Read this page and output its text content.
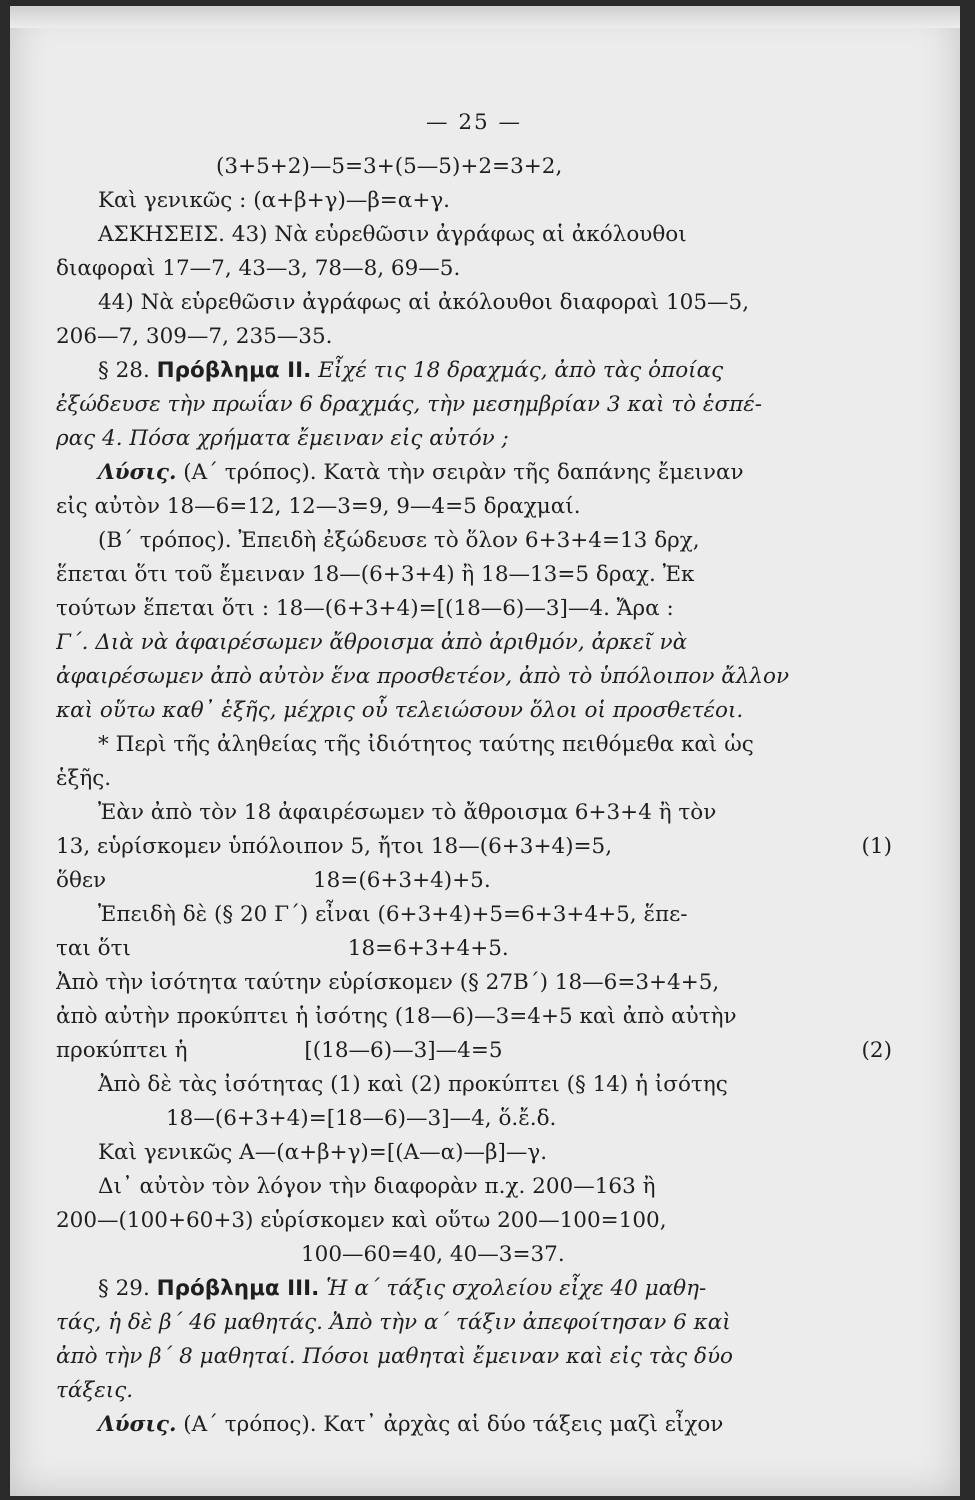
— 25 —
(3+5+2)—5=3+(5—5)+2=3+2,
Καὶ γενικῶς : (α+β+γ)—β=α+γ.
ΑΣΚΗΣΕΙΣ. 43) Νὰ εὑρεθῶσιν ἀγράφως αἱ ἀκόλουθοι
διαφοραὶ 17—7, 43—3, 78—8, 69—5.
44) Νὰ εὑρεθῶσιν ἀγράφως αἱ ἀκόλουθοι διαφοραὶ 105—5,
206—7, 309—7, 235—35.
§ 28. Πρόβλημα II. Εἶχέ τις 18 δραχμάς, ἀπὸ τὰς ὁποίας
ἐξώδευσε τὴν πρωΐαν 6 δραχμάς, τὴν μεσημβρίαν 3 καὶ τὸ ἑσπέ-
ρας 4. Πόσα χρήματα ἔμειναν εἰς αὐτόν ;
Λύσις. (Α΄ τρόπος). Κατὰ τὴν σειρὰν τῆς δαπάνης ἔμειναν
εἰς αὐτὸν 18—6=12, 12—3=9, 9—4=5 δραχμαί.
(Β΄ τρόπος). Ἐπειδὴ ἐξώδευσε τὸ ὅλον 6+3+4=13 δρχ,
ἕπεται ὅτι τοῦ ἔμειναν 18—(6+3+4) ἢ 18—13=5 δραχ. Ἐκ
τούτων ἕπεται ὅτι : 18—(6+3+4)=[(18—6)—3]—4. Ἄρα :
Γ΄. Διὰ νὰ ἀφαιρέσωμεν ἄθροισμα ἀπὸ ἀριθμόν, ἀρκεῖ νὰ
ἀφαιρέσωμεν ἀπὸ αὐτὸν ἕνα προσθετέον, ἀπὸ τὸ ὑπόλοιπον ἄλλον
καὶ οὕτω καθ᾿ ἑξῆς, μέχρις οὗ τελειώσουν ὅλοι οἱ προσθετέοι.
* Περὶ τῆς ἀληθείας τῆς ἰδιότητος ταύτης πειθόμεθα καὶ ὡς
ἑξῆς.
Ἐὰν ἀπὸ τὸν 18 ἀφαιρέσωμεν τὸ ἄθροισμα 6+3+4 ἢ τὸν
13, εὑρίσκομεν ὑπόλοιπον 5, ἤτοι 18—(6+3+4)=5,	(1)
ὅθεν	18=(6+3+4)+5.
Ἐπειδὴ δὲ (§ 20 Γ΄) εἶναι (6+3+4)+5=6+3+4+5, ἕπε-
ται ὅτι	18=6+3+4+5.
Ἀπὸ τὴν ἰσότητα ταύτην εὑρίσκομεν (§ 27Β΄) 18—6=3+4+5,
ἀπὸ αὐτὴν προκύπτει ἡ ἰσότης (18—6)—3=4+5 καὶ ἀπὸ αὐτὴν
προκύπτει ἡ	[(18—6)—3]—4=5	(2)
Ἀπὸ δὲ τὰς ἰσότητας (1) καὶ (2) προκύπτει (§ 14) ἡ ἰσότης
18—(6+3+4)=[18—6)—3]—4, ὅ.ἔ.δ.
Καὶ γενικῶς Α—(α+β+γ)=[(Α—α)—β]—γ.
Δι᾿ αὐτὸν τὸν λόγον τὴν διαφορὰν π.χ. 200—163 ἢ
200—(100+60+3) εὑρίσκομεν καὶ οὕτω 200—100=100,
100—60=40, 40—3=37.
§ 29. Πρόβλημα III. Ἡ α΄ τάξις σχολείου εἶχε 40 μαθη-
τάς, ἡ δὲ β΄ 46 μαθητάς. Ἀπὸ τὴν α΄ τάξιν ἀπεφοίτησαν 6 καὶ
ἀπὸ τὴν β΄ 8 μαθηταί. Πόσοι μαθηταὶ ἔμειναν καὶ εἰς τὰς δύο
τάξεις.
Λύσις. (Α΄ τρόπος). Κατ᾿ ἀρχὰς αἱ δύο τάξεις μαζὶ εἶχον
